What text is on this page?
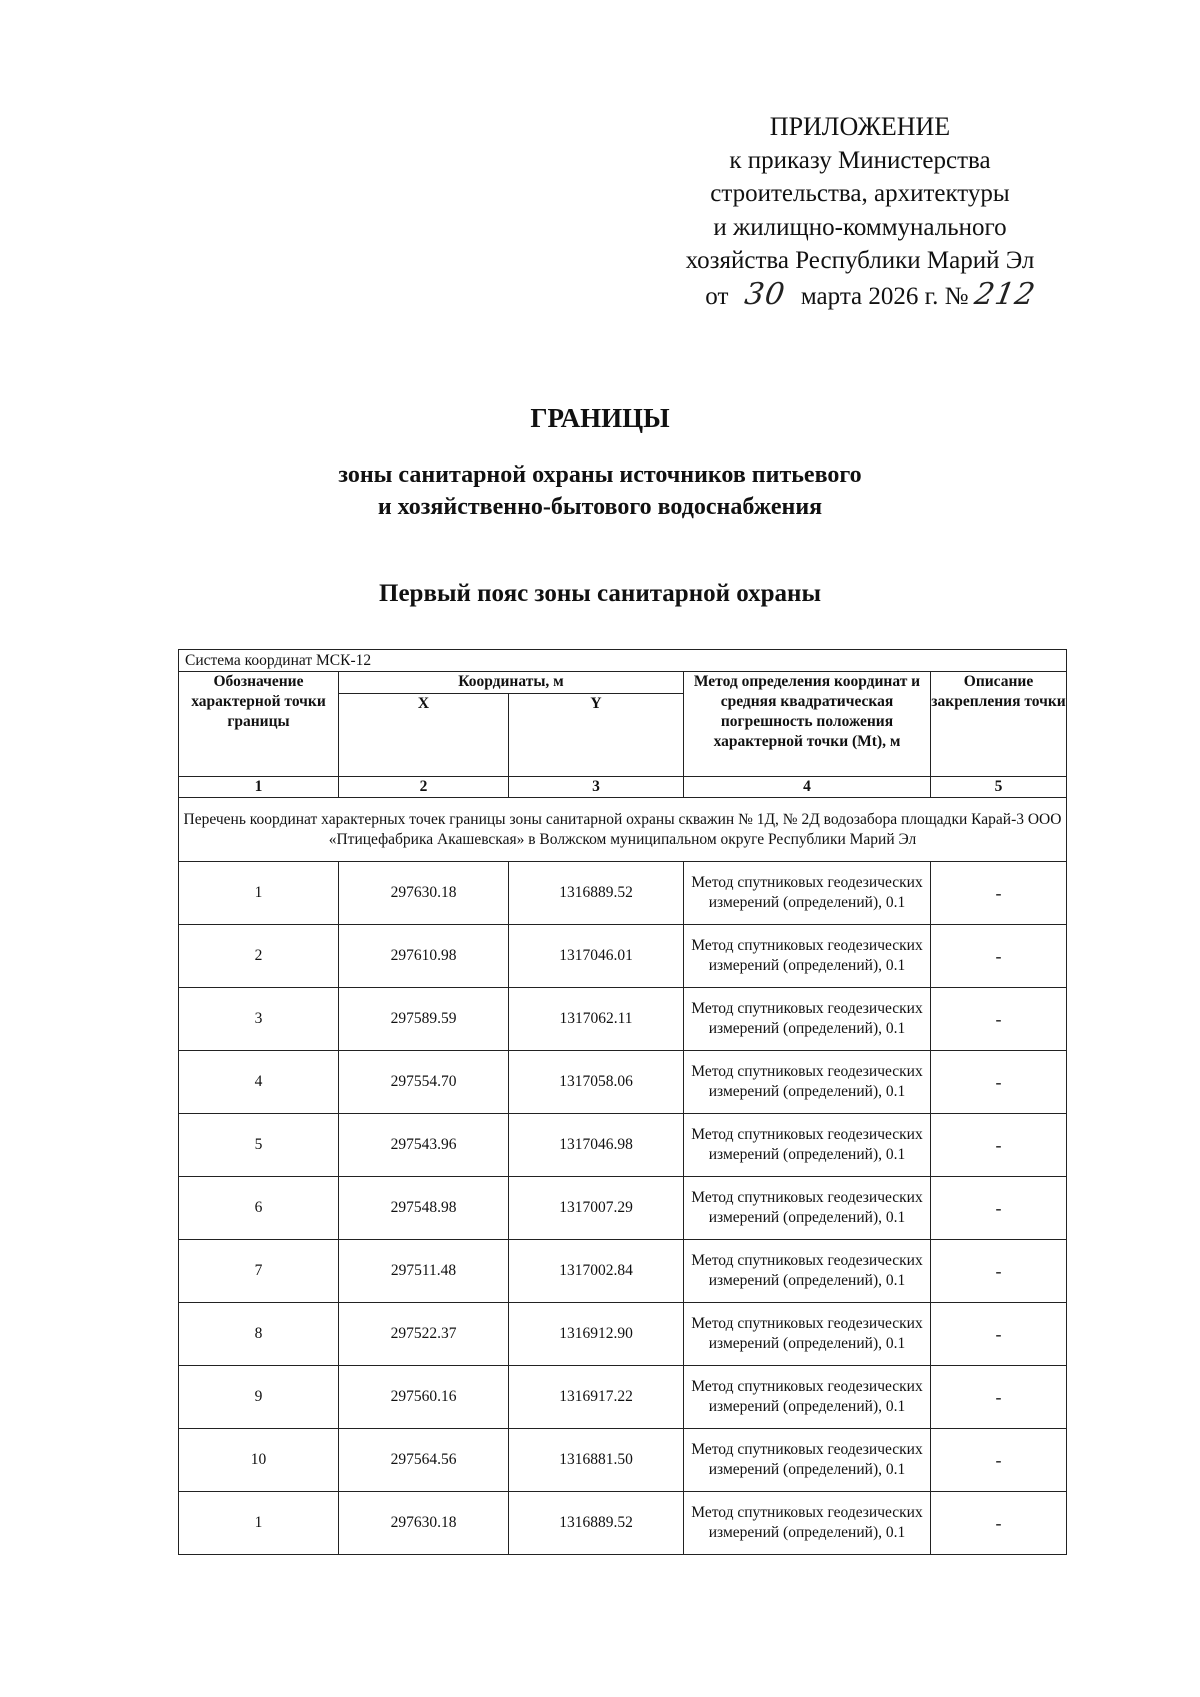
ПРИЛОЖЕНИЕ
к приказу Министерства
строительства, архитектуры
и жилищно-коммунального
хозяйства Республики Марий Эл
от 30 марта 2026 г. № 212
ГРАНИЦЫ
зоны санитарной охраны источников питьевого
и хозяйственно-бытового водоснабжения
Первый пояс зоны санитарной охраны
Система координат МСК-12				
Обозначение характерной точки границы	Координаты, м		Метод определения координат и средняя квадратическая погрешность положения характерной точки (Mt), м	Описание закрепления точки
	X	Y		
1	2	3	4	5
Перечень координат характерных точек границы зоны санитарной охраны скважин № 1Д, № 2Д водозабора площадки Карай-3 ООО «Птицефабрика Акашевская» в Волжском муниципальном округе Республики Марий Эл				
1	297630.18	1316889.52	Метод спутниковых геодезических измерений (определений), 0.1	-
2	297610.98	1317046.01	Метод спутниковых геодезических измерений (определений), 0.1	-
3	297589.59	1317062.11	Метод спутниковых геодезических измерений (определений), 0.1	-
4	297554.70	1317058.06	Метод спутниковых геодезических измерений (определений), 0.1	-
5	297543.96	1317046.98	Метод спутниковых геодезических измерений (определений), 0.1	-
6	297548.98	1317007.29	Метод спутниковых геодезических измерений (определений), 0.1	-
7	297511.48	1317002.84	Метод спутниковых геодезических измерений (определений), 0.1	-
8	297522.37	1316912.90	Метод спутниковых геодезических измерений (определений), 0.1	-
9	297560.16	1316917.22	Метод спутниковых геодезических измерений (определений), 0.1	-
10	297564.56	1316881.50	Метод спутниковых геодезических измерений (определений), 0.1	-
1	297630.18	1316889.52	Метод спутниковых геодезических измерений (определений), 0.1	-
